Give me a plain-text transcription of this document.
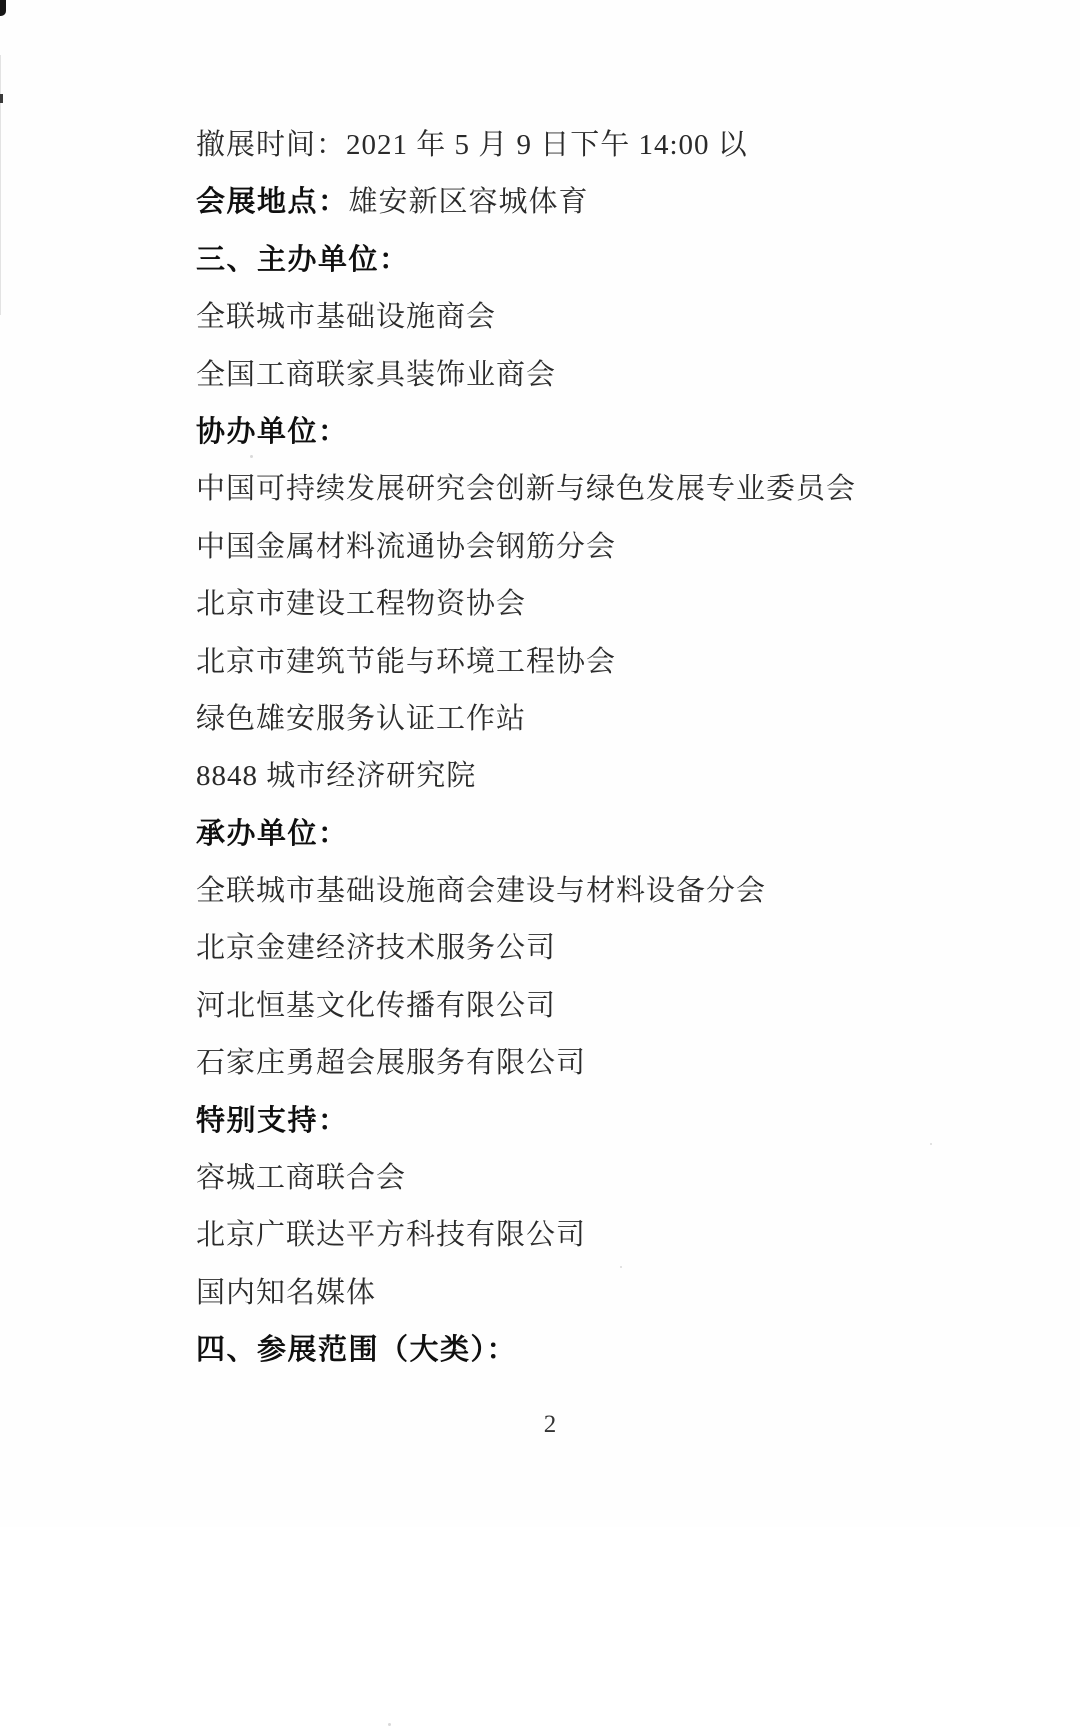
撤展时间：2021 年 5 月 9 日下午 14:00 以
会展地点：雄安新区容城体育
三、主办单位：
全联城市基础设施商会
全国工商联家具装饰业商会
协办单位：
中国可持续发展研究会创新与绿色发展专业委员会
中国金属材料流通协会钢筋分会
北京市建设工程物资协会
北京市建筑节能与环境工程协会
绿色雄安服务认证工作站
8848 城市经济研究院
承办单位：
全联城市基础设施商会建设与材料设备分会
北京金建经济技术服务公司
河北恒基文化传播有限公司
石家庄勇超会展服务有限公司
特别支持：
容城工商联合会
北京广联达平方科技有限公司
国内知名媒体
四、参展范围（大类）：
2
